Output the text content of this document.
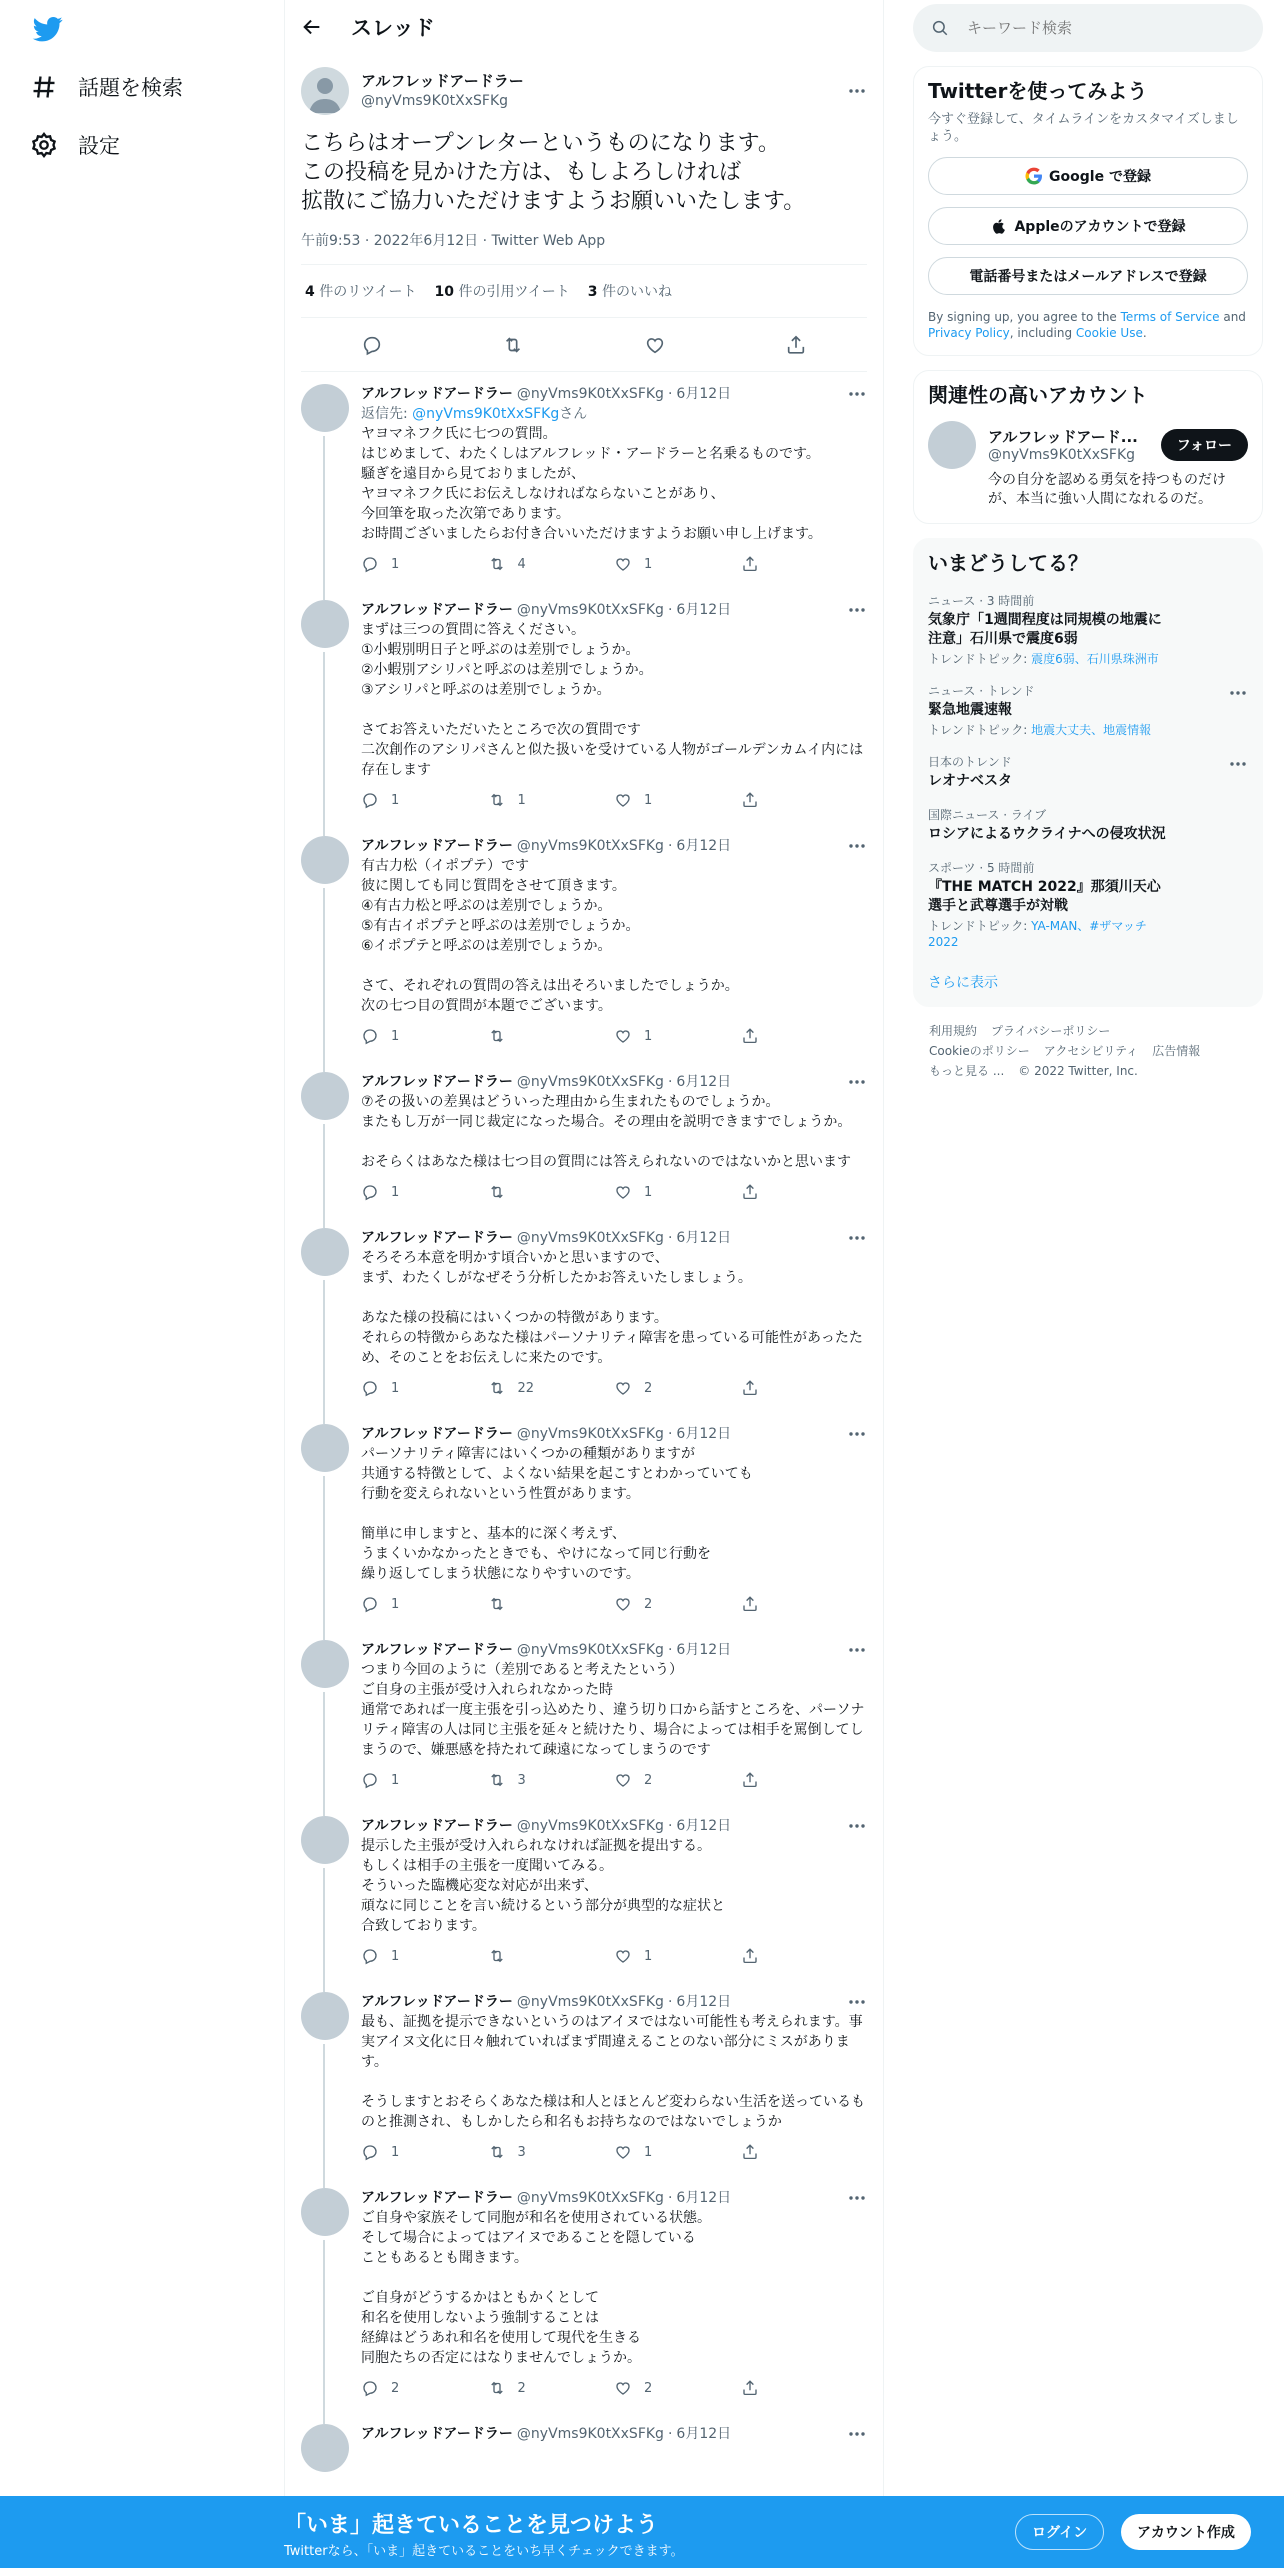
話題を検索
設定
スレッド
アルフレッドアードラー
@nyVms9K0tXxSFKg
こちらはオープンレターというものになります。
この投稿を見かけた方は、もしよろしければ
拡散にご協力いただけますようお願いいたします。
午前9:53 · 2022年6月12日 · Twitter Web App
4 件のリツイート 10 件の引用ツイート 3 件のいいね
アルフレッドアードラー @nyVms9K0tXxSFKg · 6月12日
返信先: @nyVms9K0tXxSFKgさん
ヤヨマネフク氏に七つの質問。
はじめまして、わたくしはアルフレッド・アードラーと名乗るものです。
騒ぎを遠目から見ておりましたが、
ヤヨマネフク氏にお伝えしなければならないことがあり、
今回筆を取った次第であります。
お時間ございましたらお付き合いいただけますようお願い申し上げます。
1	4	1
アルフレッドアードラー @nyVms9K0tXxSFKg · 6月12日
まずは三つの質問に答えください。
①小蝦別明日子と呼ぶのは差別でしょうか。
②小蝦別アシリパと呼ぶのは差別でしょうか。
③アシリパと呼ぶのは差別でしょうか。

さてお答えいただいたところで次の質問です
二次創作のアシリパさんと似た扱いを受けている人物がゴールデンカムイ内には存在します
1	1	1
アルフレッドアードラー @nyVms9K0tXxSFKg · 6月12日
有古力松（イポプテ）です
彼に関しても同じ質問をさせて頂きます。
④有古力松と呼ぶのは差別でしょうか。
⑤有古イポプテと呼ぶのは差別でしょうか。
⑥イポプテと呼ぶのは差別でしょうか。

さて、それぞれの質問の答えは出そろいましたでしょうか。
次の七つ目の質問が本題でございます。
1	1
アルフレッドアードラー @nyVms9K0tXxSFKg · 6月12日
⑦その扱いの差異はどういった理由から生まれたものでしょうか。
またもし万が一同じ裁定になった場合。その理由を説明できますでしょうか。

おそらくはあなた様は七つ目の質問には答えられないのではないかと思います
1	1
アルフレッドアードラー @nyVms9K0tXxSFKg · 6月12日
そろそろ本意を明かす頃合いかと思いますので、
まず、わたくしがなぜそう分析したかお答えいたしましょう。

あなた様の投稿にはいくつかの特徴があります。
それらの特徴からあなた様はパーソナリティ障害を患っている可能性があったため、そのことをお伝えしに来たのです。
1	22	2
アルフレッドアードラー @nyVms9K0tXxSFKg · 6月12日
パーソナリティ障害にはいくつかの種類がありますが
共通する特徴として、よくない結果を起こすとわかっていても
行動を変えられないという性質があります。

簡単に申しますと、基本的に深く考えず、
うまくいかなかったときでも、やけになって同じ行動を
繰り返してしまう状態になりやすいのです。
1	2
アルフレッドアードラー @nyVms9K0tXxSFKg · 6月12日
つまり今回のように（差別であると考えたという）
ご自身の主張が受け入れられなかった時
通常であれば一度主張を引っ込めたり、違う切り口から話すところを、パーソナリティ障害の人は同じ主張を延々と続けたり、場合によっては相手を罵倒してしまうので、嫌悪感を持たれて疎遠になってしまうのです
1	3	2
アルフレッドアードラー @nyVms9K0tXxSFKg · 6月12日
提示した主張が受け入れられなければ証拠を提出する。
もしくは相手の主張を一度聞いてみる。
そういった臨機応変な対応が出来ず、
頑なに同じことを言い続けるという部分が典型的な症状と
合致しております。
1	1
アルフレッドアードラー @nyVms9K0tXxSFKg · 6月12日
最も、証拠を提示できないというのはアイヌではない可能性も考えられます。事実アイヌ文化に日々触れていればまず間違えることのない部分にミスがあります。

そうしますとおそらくあなた様は和人とほとんど変わらない生活を送っているものと推測され、もしかしたら和名もお持ちなのではないでしょうか
1	3	1
アルフレッドアードラー @nyVms9K0tXxSFKg · 6月12日
ご自身や家族そして同胞が和名を使用されている状態。
そして場合によってはアイヌであることを隠している
こともあるとも聞きます。

ご自身がどうするかはともかくとして
和名を使用しないよう強制することは
経緯はどうあれ和名を使用して現代を生きる
同胞たちの否定にはなりませんでしょうか。
2	2	2
アルフレッドアードラー @nyVms9K0tXxSFKg · 6月12日
キーワード検索
Twitterを使ってみよう
今すぐ登録して、タイムラインをカスタマイズしましょう。
Google で登録
Appleのアカウントで登録
電話番号またはメールアドレスで登録
By signing up, you agree to the Terms of Service and Privacy Policy, including Cookie Use.
関連性の高いアカウント
アルフレッドアード...
@nyVms9K0tXxSFKg
フォロー
今の自分を認める勇気を持つものだけが、本当に強い人間になれるのだ。
いまどうしてる？
ニュース · 3 時間前
気象庁「1週間程度は同規模の地震に注意」石川県で震度6弱
トレンドトピック: 震度6弱、石川県珠洲市
ニュース · トレンド
緊急地震速報
トレンドトピック: 地震大丈夫、地震情報
日本のトレンド
レオナベスタ
国際ニュース · ライブ
ロシアによるウクライナへの侵攻状況
スポーツ · 5 時間前
『THE MATCH 2022』那須川天心選手と武尊選手が対戦
トレンドトピック: YA-MAN、#ザマッチ2022
さらに表示
利用規約 プライバシーポリシー
Cookieのポリシー アクセシビリティ 広告情報
もっと見る ... © 2022 Twitter, Inc.
「いま」起きていることを見つけよう
Twitterなら、「いま」起きていることをいち早くチェックできます。
ログイン	アカウント作成
